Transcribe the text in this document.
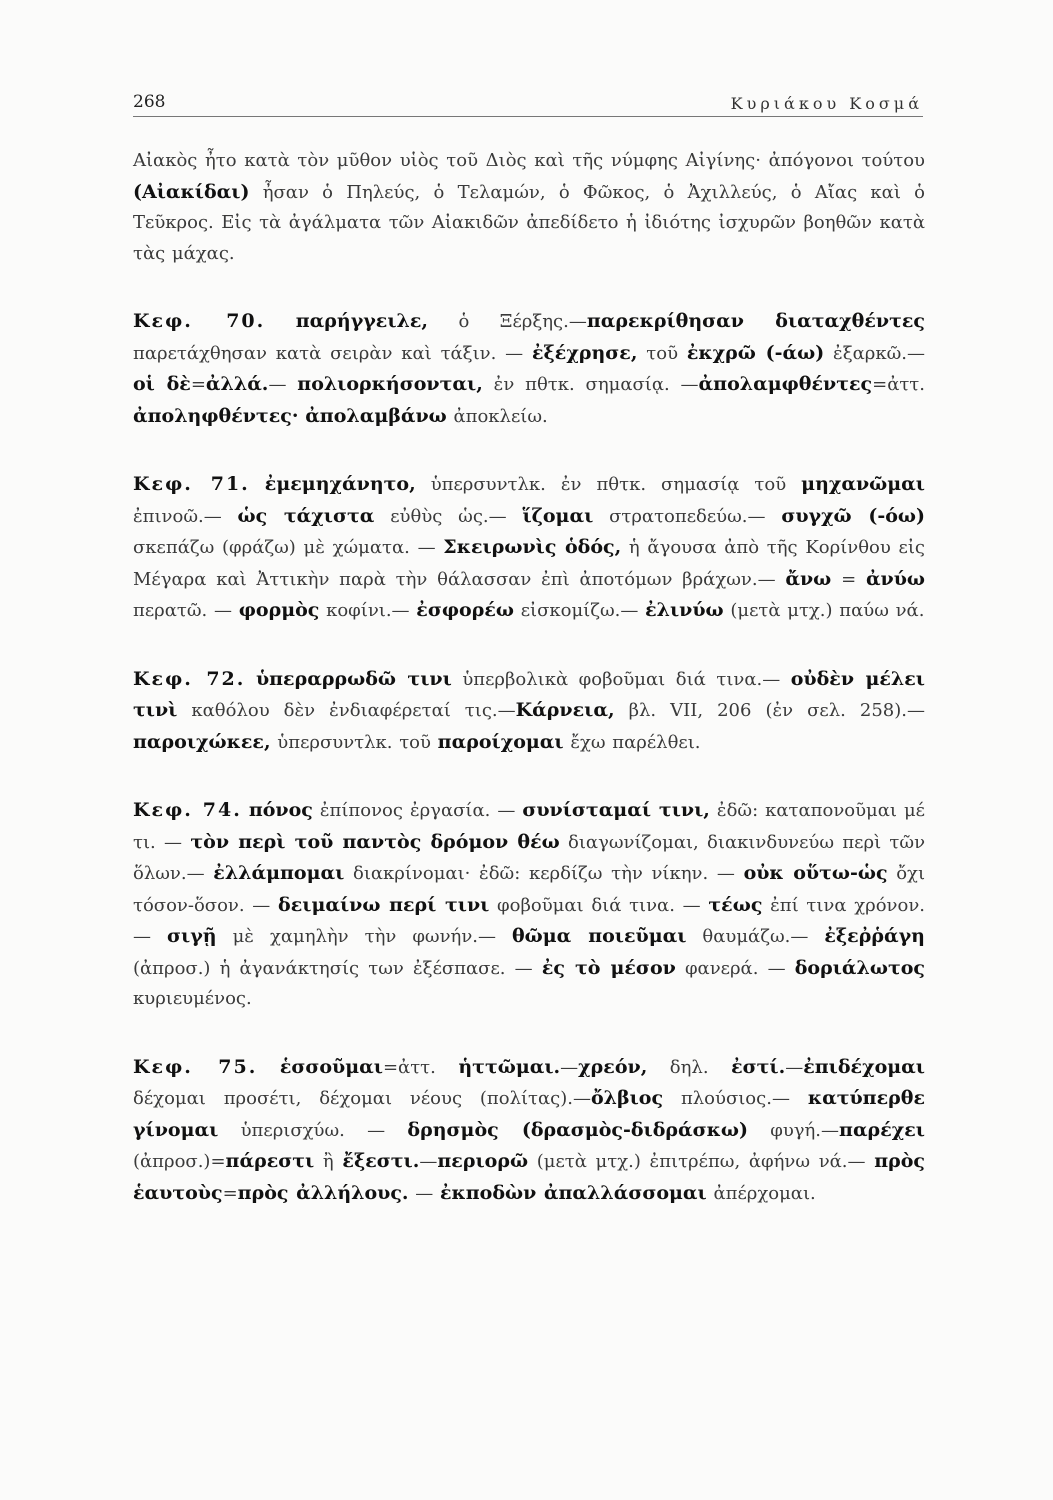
268	Κυριάκου Κοσμά

Αἰακὸς ἦτο κατὰ τὸν μῦθον υἱὸς τοῦ Διὸς καὶ τῆς νύμφης Αἰγίνης· ἀπόγονοι τούτου (Αἰακίδαι) ἦσαν ὁ Πηλεύς, ὁ Τελαμών, ὁ Φῶκος, ὁ Ἀχιλλεύς, ὁ Αἴας καὶ ὁ Τεῦκρος. Εἰς τὰ ἀγάλματα τῶν Αἰακιδῶν ἀπεδίδετο ἡ ἰδιότης ἰσχυρῶν βοηθῶν κατὰ τὰς μάχας.

Κεφ. 70. παρήγγειλε, ὁ Ξέρξης.—παρεκρίθησαν διαταχθέντες παρετάχθησαν κατὰ σειρὰν καὶ τάξιν. — ἐξέχρησε, τοῦ ἐκχρῶ (-άω) ἐξαρκῶ.—οἱ δὲ=ἀλλά.— πολιορκήσονται, ἐν πθτκ. σημασίᾳ. —ἀπολαμφθέντες=ἀττ. ἀποληφθέντες· ἀπολαμβάνω ἀποκλείω.

Κεφ. 71. ἐμεμηχάνητο, ὑπερσυντλκ. ἐν πθτκ. σημασίᾳ τοῦ μηχανῶμαι ἐπινοῶ.— ὡς τάχιστα εὐθὺς ὡς.— ἵζομαι στρατοπεδεύω.— συγχῶ (-όω) σκεπάζω (φράζω) μὲ χώματα. — Σκειρωνὶς ὁδός, ἡ ἄγουσα ἀπὸ τῆς Κορίνθου εἰς Μέγαρα καὶ Ἀττικὴν παρὰ τὴν θάλασσαν ἐπὶ ἀποτόμων βράχων.— ἄνω = ἀνύω περατῶ. — φορμὸς κοφίνι.— ἐσφορέω εἰσκομίζω.— ἐλινύω (μετὰ μτχ.) παύω νά.

Κεφ. 72. ὑπεραρρωδῶ τινι ὑπερβολικὰ φοβοῦμαι διά τινα.— οὐδὲν μέλει τινὶ καθόλου δὲν ἐνδιαφέρεταί τις.—Κάρνεια, βλ. VII, 206 (ἐν σελ. 258).—παροιχώκεε, ὑπερσυντλκ. τοῦ παροίχομαι ἔχω παρέλθει.

Κεφ. 74. πόνος ἐπίπονος ἐργασία. — συνίσταμαί τινι, ἐδῶ: καταπονοῦμαι μέ τι. — τὸν περὶ τοῦ παντὸς δρόμον θέω διαγωνίζομαι, διακινδυνεύω περὶ τῶν ὅλων.— ἐλλάμπομαι διακρίνομαι· ἐδῶ: κερδίζω τὴν νίκην. — οὐκ οὕτω-ὡς ὄχι τόσον-ὅσον. — δειμαίνω περί τινι φοβοῦμαι διά τινα. — τέως ἐπί τινα χρόνον. — σιγῇ μὲ χαμηλὴν τὴν φωνήν.— θῶμα ποιεῦμαι θαυμάζω.— ἐξεῤῥάγη (ἀπροσ.) ἡ ἀγανάκτησίς των ἐξέσπασε. — ἐς τὸ μέσον φανερά. — δοριάλωτος κυριευμένος.

Κεφ. 75. ἑσσοῦμαι=ἀττ. ἡττῶμαι.—χρεόν, δηλ. ἐστί.—ἐπιδέχομαι δέχομαι προσέτι, δέχομαι νέους (πολίτας).—ὄλβιος πλούσιος.— κατύπερθε γίνομαι ὑπερισχύω. — δρησμὸς (δρασμὸς-διδράσκω) φυγή.—παρέχει (ἀπροσ.)=πάρεστι ἢ ἔξεστι.—περιορῶ (μετὰ μτχ.) ἐπιτρέπω, ἀφήνω νά.— πρὸς ἑαυτοὺς=πρὸς ἀλλήλους. — ἐκποδὼν ἀπαλλάσσομαι ἀπέρχομαι.
